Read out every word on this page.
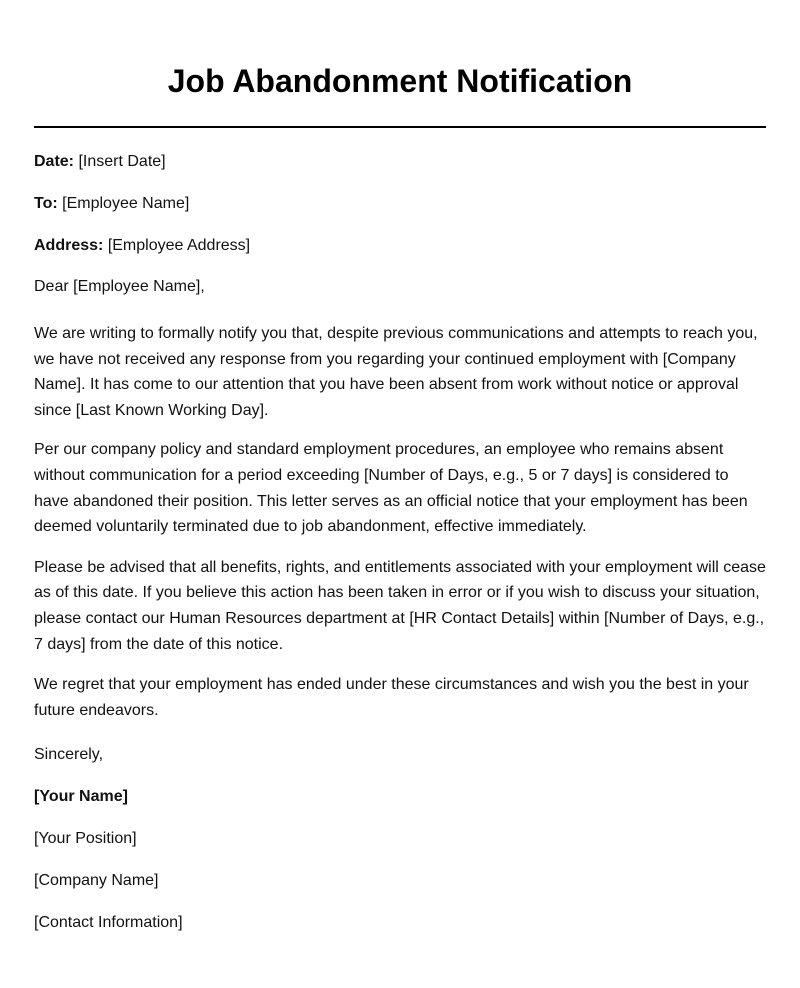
Job Abandonment Notification

Date: [Insert Date]

To: [Employee Name]

Address: [Employee Address]

Dear [Employee Name],

We are writing to formally notify you that, despite previous communications and attempts to reach you, we have not received any response from you regarding your continued employment with [Company Name]. It has come to our attention that you have been absent from work without notice or approval since [Last Known Working Day].

Per our company policy and standard employment procedures, an employee who remains absent without communication for a period exceeding [Number of Days, e.g., 5 or 7 days] is considered to have abandoned their position. This letter serves as an official notice that your employment has been deemed voluntarily terminated due to job abandonment, effective immediately.

Please be advised that all benefits, rights, and entitlements associated with your employment will cease as of this date. If you believe this action has been taken in error or if you wish to discuss your situation, please contact our Human Resources department at [HR Contact Details] within [Number of Days, e.g., 7 days] from the date of this notice.

We regret that your employment has ended under these circumstances and wish you the best in your future endeavors.

Sincerely,

[Your Name]

[Your Position]

[Company Name]

[Contact Information]
